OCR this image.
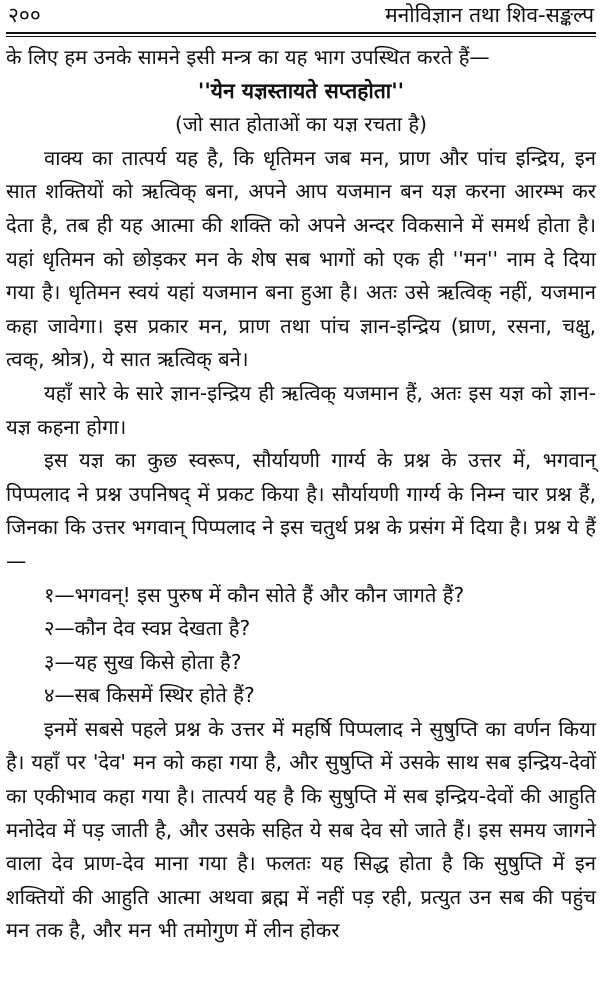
२००	मनोविज्ञान तथा शिव-सङ्कल्प

के लिए हम उनके सामने इसी मन्त्र का यह भाग उपस्थित करते हैं—

''येन यज्ञस्तायते सप्तहोता''

(जो सात होताओं का यज्ञ रचता है)

वाक्य का तात्पर्य यह है, कि धृतिमन जब मन, प्राण और पांच इन्द्रिय, इन सात शक्तियों को ऋत्विक् बना, अपने आप यजमान बन यज्ञ करना आरम्भ कर देता है, तब ही यह आत्मा की शक्ति को अपने अन्दर विकसाने में समर्थ होता है। यहां धृतिमन को छोड़कर मन के शेष सब भागों को एक ही ''मन'' नाम दे दिया गया है। धृतिमन स्वयं यहां यजमान बना हुआ है। अतः उसे ऋत्विक् नहीं, यजमान कहा जावेगा। इस प्रकार मन, प्राण तथा पांच ज्ञान-इन्द्रिय (घ्राण, रसना, चक्षु, त्वक्, श्रोत्र), ये सात ऋत्विक् बने।

यहाँ सारे के सारे ज्ञान-इन्द्रिय ही ऋत्विक् यजमान हैं, अतः इस यज्ञ को ज्ञान-यज्ञ कहना होगा।

इस यज्ञ का कुछ स्वरूप, सौर्यायणी गार्ग्य के प्रश्न के उत्तर में, भगवान् पिप्पलाद ने प्रश्न उपनिषद् में प्रकट किया है। सौर्यायणी गार्ग्य के निम्न चार प्रश्न हैं, जिनका कि उत्तर भगवान् पिप्पलाद ने इस चतुर्थ प्रश्न के प्रसंग में दिया है। प्रश्न ये हैं—

१—भगवन्! इस पुरुष में कौन सोते हैं और कौन जागते हैं?

२—कौन देव स्वप्न देखता है?

३—यह सुख किसे होता है?

४—सब किसमें स्थिर होते हैं?

इनमें सबसे पहले प्रश्न के उत्तर में महर्षि पिप्पलाद ने सुषुप्ति का वर्णन किया है। यहाँ पर 'देव' मन को कहा गया है, और सुषुप्ति में उसके साथ सब इन्द्रिय-देवों का एकीभाव कहा गया है। तात्पर्य यह है कि सुषुप्ति में सब इन्द्रिय-देवों की आहुति मनोदेव में पड़ जाती है, और उसके सहित ये सब देव सो जाते हैं। इस समय जागने वाला देव प्राण-देव माना गया है। फलतः यह सिद्ध होता है कि सुषुप्ति में इन शक्तियों की आहुति आत्मा अथवा ब्रह्म में नहीं पड़ रही, प्रत्युत उन सब की पहुंच मन तक है, और मन भी तमोगुण में लीन होकर
